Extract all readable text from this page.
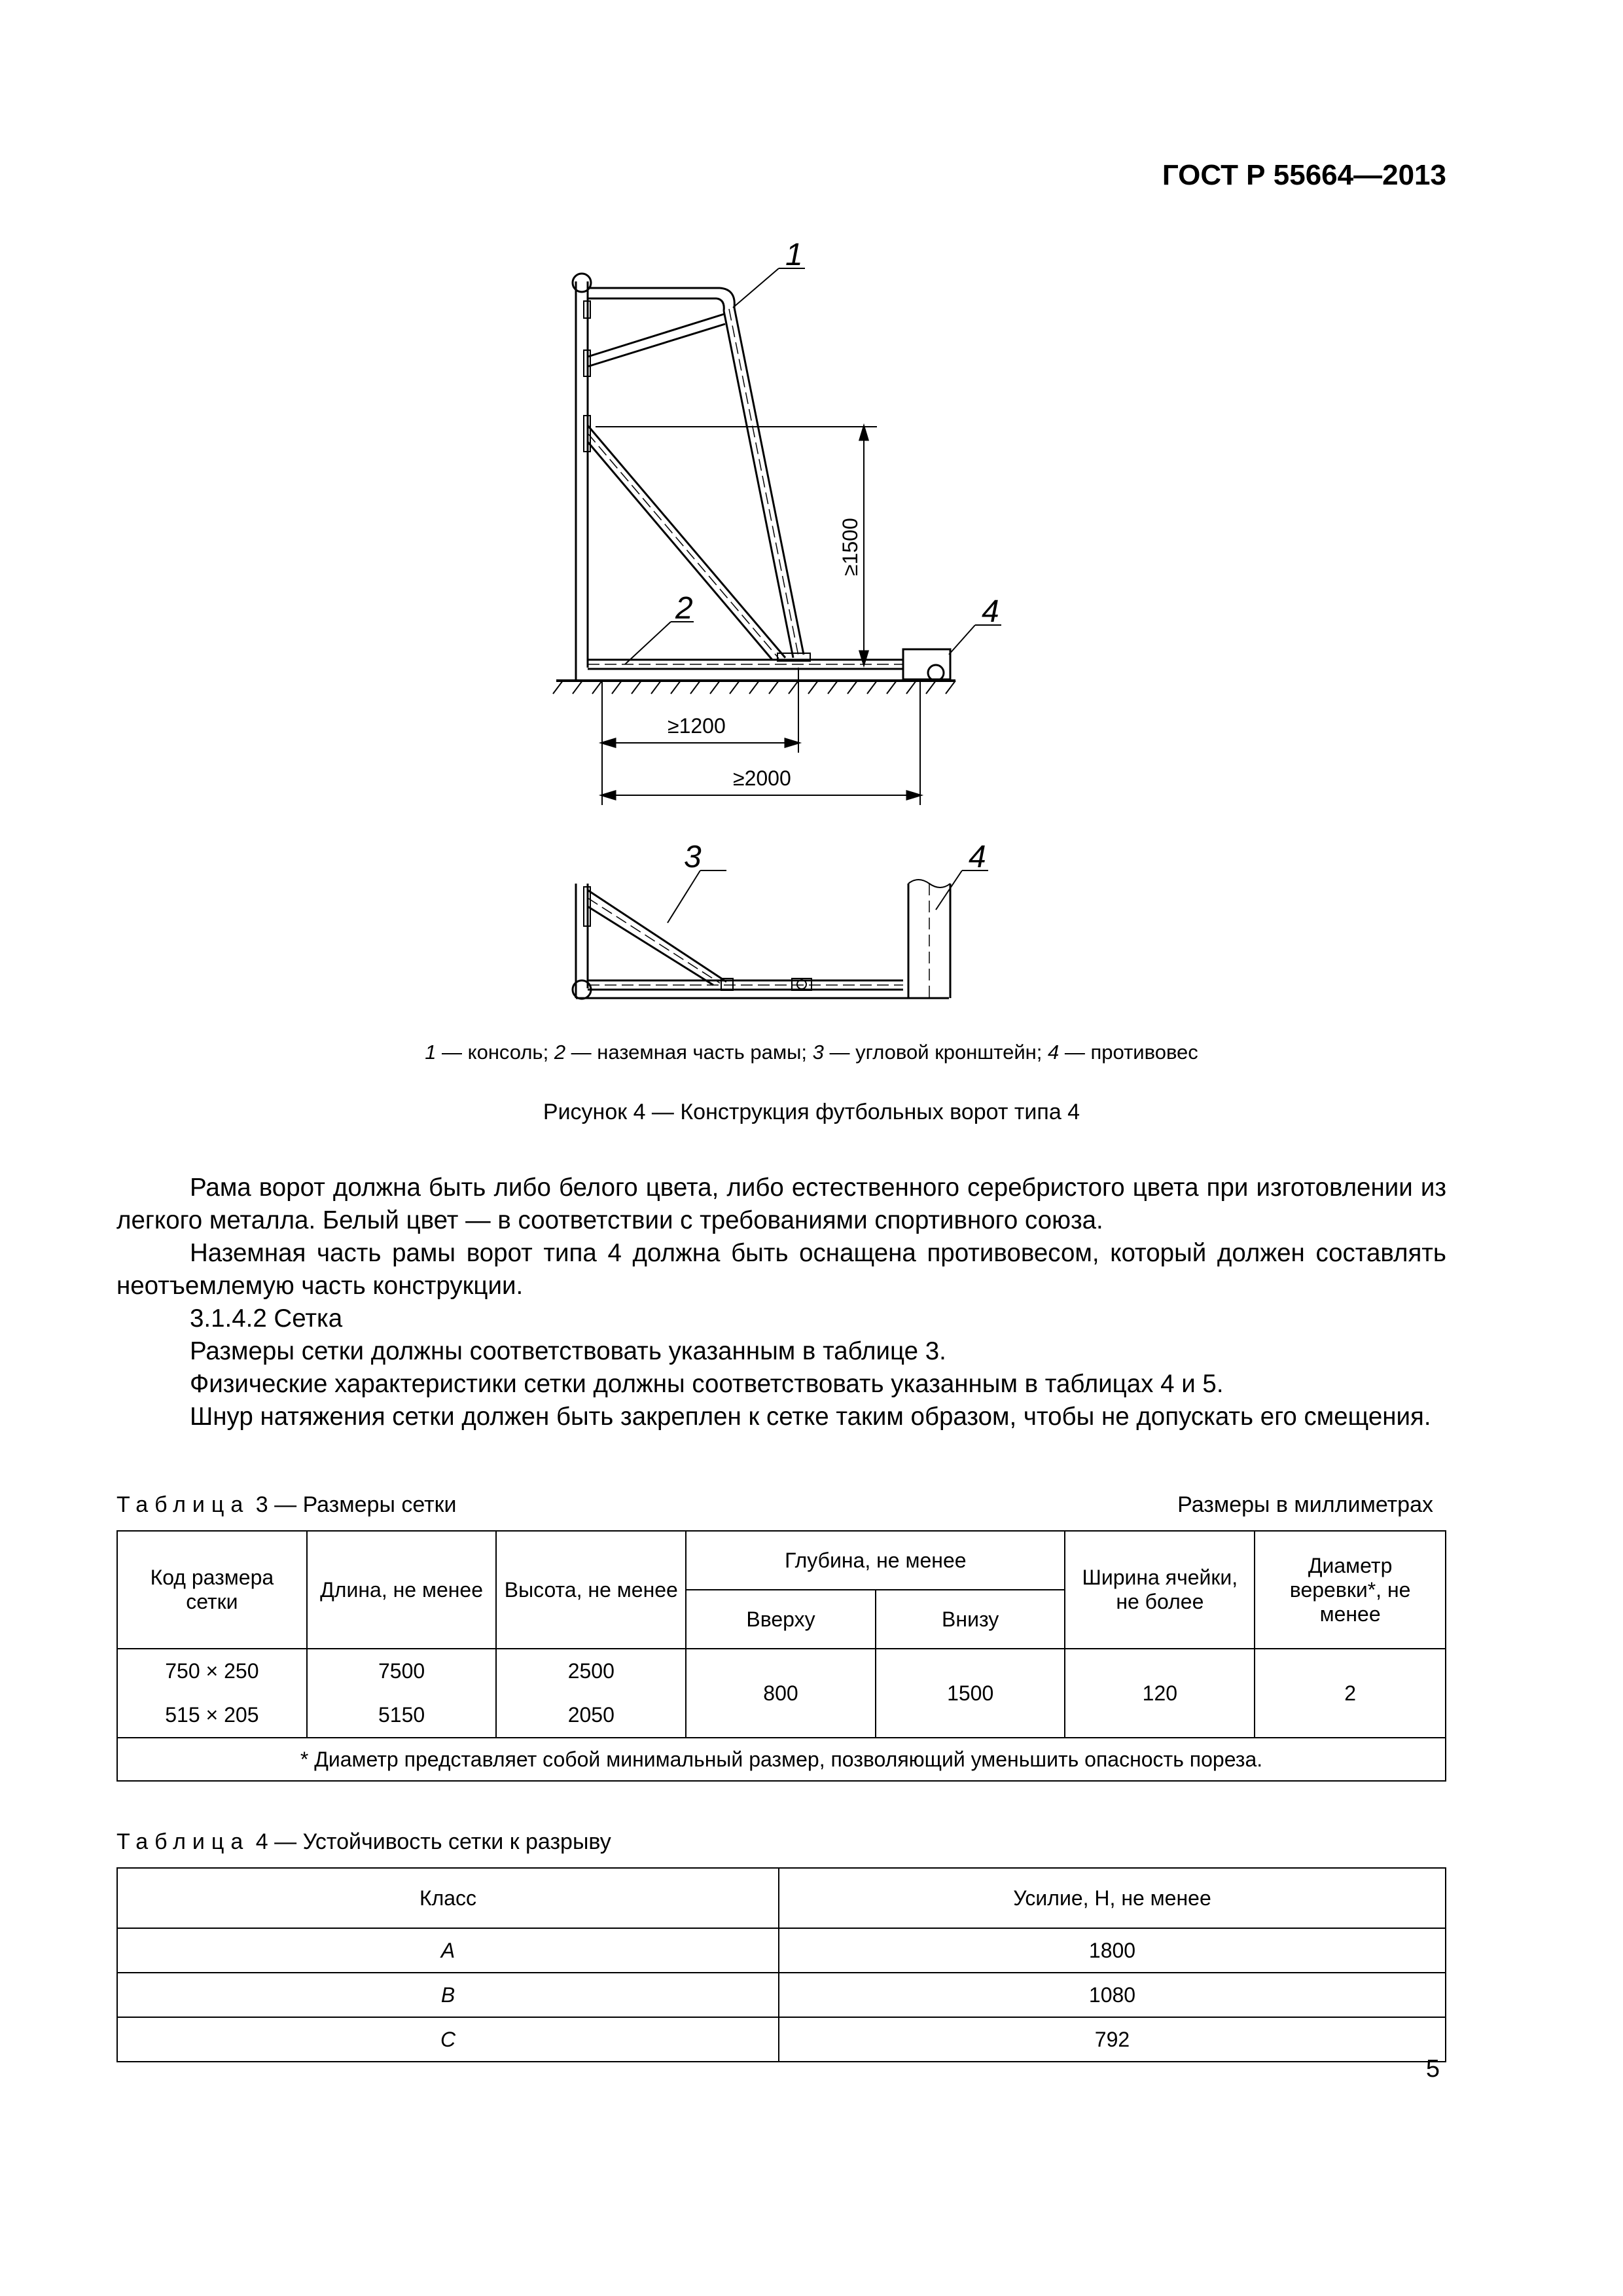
ГОСТ Р 55664—2013
1
2	4
≥1500
≥1200
≥2000
3	4
1 — консоль; 2 — наземная часть рамы; 3 — угловой кронштейн; 4 — противовес
Рисунок 4 — Конструкция футбольных ворот типа 4

Рама ворот должна быть либо белого цвета, либо естественного серебристого цвета при изготовлении из легкого металла. Белый цвет — в соответствии с требованиями спортивного союза.

Наземная часть рамы ворот типа 4 должна быть оснащена противовесом, который должен составлять неотъемлемую часть конструкции.

3.1.4.2 Сетка

Размеры сетки должны соответствовать указанным в таблице 3.

Физические характеристики сетки должны соответствовать указанным в таблицах 4 и 5.

Шнур натяжения сетки должен быть закреплен к сетке таким образом, чтобы не допускать его смещения.

Таблица 3 — Размеры сетки	Размеры в миллиметрах
Код размера сетки	Длина, не менее	Высота, не менее	Глубина, не менее		Ширина ячейки, не более	Диаметр веревки*, не менее
			Вверху	Внизу		
750 × 250	7500	2500	800	1500	120	2
515 × 205	5150	2050				
* Диаметр представляет собой минимальный размер, позволяющий уменьшить опасность пореза.						
Таблица 4 — Устойчивость сетки к разрыву
Класс	Усилие, Н, не менее
A	1800
B	1080
C	792
5
